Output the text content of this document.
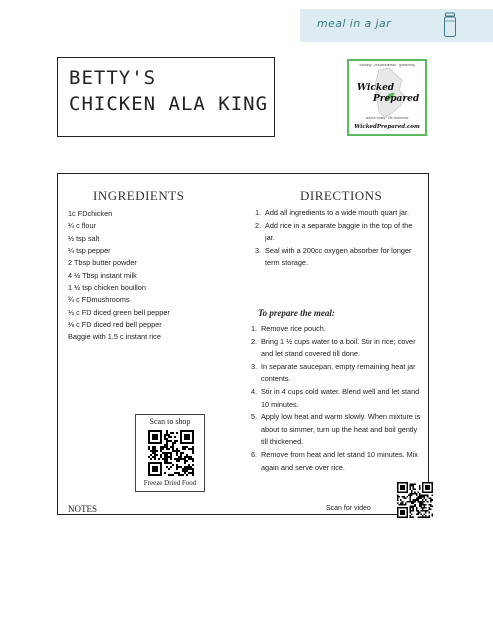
meal in a jar
BETTY'S
CHICKEN ALA KING
cooking · preparedness · gardening
Wicked
Prepared
advice today · life tomorrow
WickedPrepared.com
INGREDIENTS
1c FDchicken
¼ c flour
½ tsp salt
¼ tsp pepper
2 Tbsp butter powder
4 ½ Tbsp instant milk
1 ½ tsp chicken bouillon
¾ c FDmushrooms
⅓ c FD diced green bell pepper
⅛ c FD diced red bell pepper
Baggie with 1.5 c instant rice
DIRECTIONS
1. Add all ingredients to a wide mouth quart jar.
2. Add rice in a separate baggie in the top of the jar.
3. Seal with a 200cc oxygen absorber for longer term storage.
To prepare the meal:
1. Remove rice pouch.
2. Bring 1 ½ cups water to a boil. Stir in rice; cover and let stand covered till done.
3. In separate saucepan, empty remaining heat jar contents.
4. Stir in 4 cups cold water. Blend well and let stand 10 minutes.
5. Apply low heat and warm slowly. When mixture is about to simmer, turn up the heat and boil gently till thickened.
6. Remove from heat and let stand 10 minutes. Mix again and serve over rice.
Scan to shop
Freeze Dried Food
NOTES	Scan for video
